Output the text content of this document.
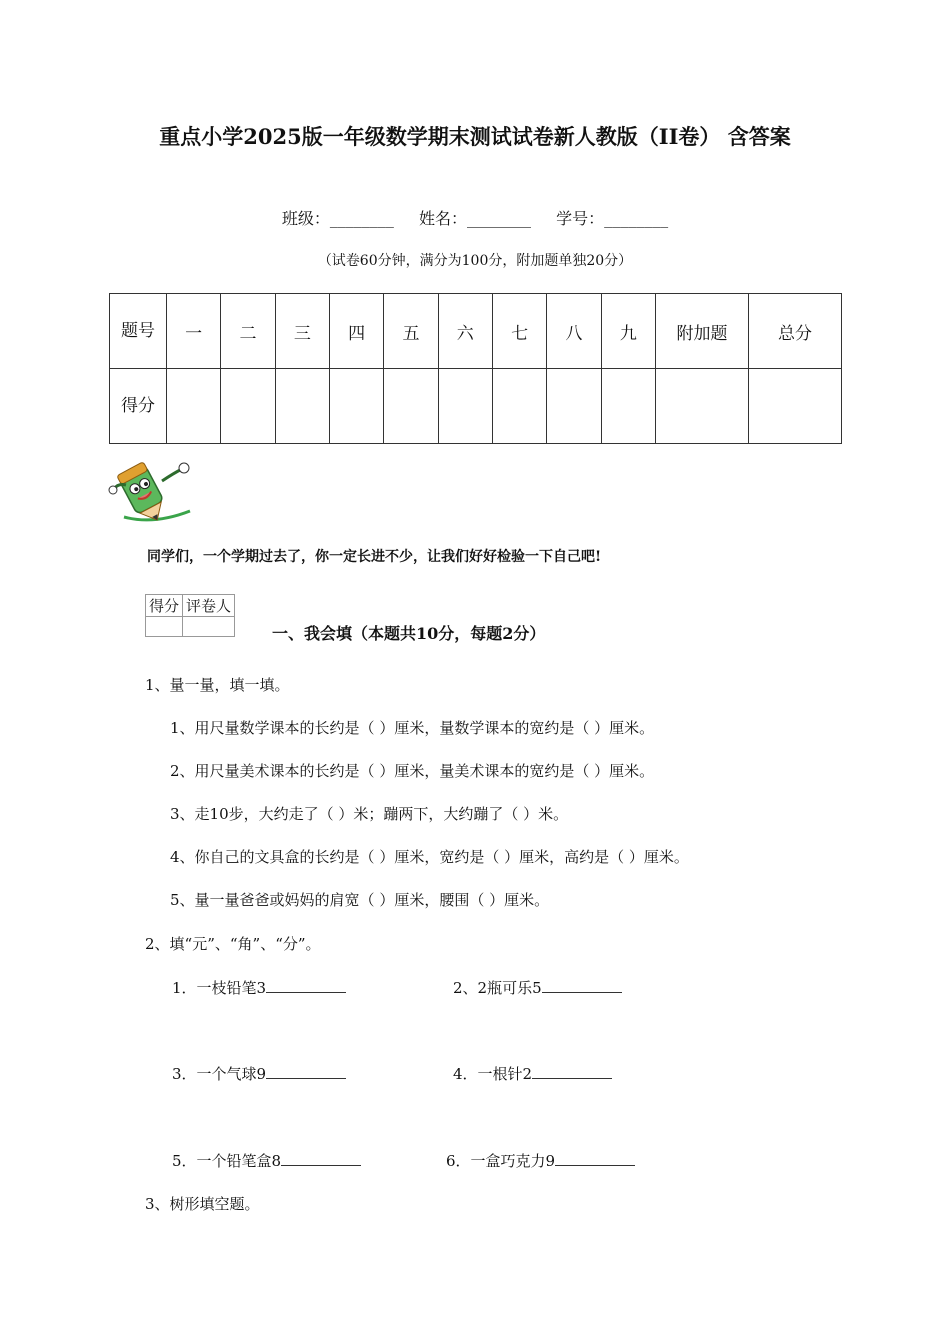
重点小学2025版一年级数学期末测试试卷新人教版（II卷） 含答案
班级：________ 姓名：________ 学号：________
（试卷60分钟，满分为100分，附加题单独20分）
题号	一	二	三	四	五	六	七	八	九	附加题	总分
得分											
同学们，一个学期过去了，你一定长进不少，让我们好好检验一下自己吧!
得分	评卷人

一、我会填（本题共10分，每题2分）
1、量一量，填一填。
1、用尺量数学课本的长约是（ ）厘米，量数学课本的宽约是（ ）厘米。
2、用尺量美术课本的长约是（ ）厘米，量美术课本的宽约是（ ）厘米。
3、走10步，大约走了（ ）米；蹦两下，大约蹦了（ ）米。
4、你自己的文具盒的长约是（ ）厘米，宽约是（ ）厘米，高约是（ ）厘米。
5、量一量爸爸或妈妈的肩宽（ ）厘米，腰围（ ）厘米。
2、填“元”、“角”、“分”。
1．一枝铅笔3	2、2瓶可乐5
3．一个气球9	4．一根针2
5．一个铅笔盒8	6．一盒巧克力9
3、树形填空题。
